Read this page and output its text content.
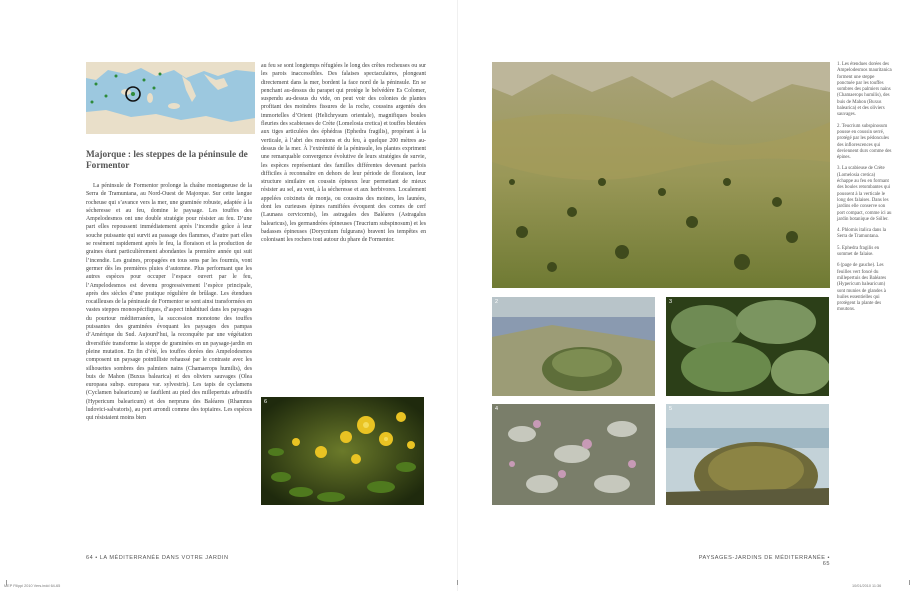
Majorque : les steppes de la péninsule de Formentor

La péninsule de Formentor prolonge la chaîne montagneuse de la Serra de Tramuntana, au Nord-Ouest de Majorque. Sur cette langue rocheuse qui s’avance vers la mer, une graminée robuste, adaptée à la sécheresse et au feu, domine le paysage. Les touffes des Ampelodesmos ont une double stratégie pour résister au feu. D’une part elles repoussent immédiatement après l’incendie grâce à leur souche puissante qui survit au passage des flammes, d’autre part elles se resèment rapidement après le feu, la floraison et la production de graines étant particulièrement abondantes la première année qui suit l’incendie. Les graines, propagées en tous sens par les fourmis, vont germer dès les premières pluies d’automne. Plus performant que les autres espèces pour occuper l’espace ouvert par le feu, l’Ampelodesmos est devenu progressivement l’espèce principale, après des siècles d’une pratique régulière de brûlage. Les étendues rocailleuses de la péninsule de Formentor se sont ainsi transformées en vastes steppes monospécifiques, d’aspect inhabituel dans les paysages du pourtour méditerranéen, la succession monotone des touffes puissantes des graminées évoquant les paysages des pampas d’Amérique du Sud. Aujourd’hui, la reconquête par une végétation diversifiée transforme la steppe de graminées en un paysage-jardin en pleine mutation. En fin d’été, les touffes dorées des Ampelodesmos composent un paysage pointilliste rehaussé par le contraste avec les silhouettes sombres des palmiers nains (Chamaerops humilis), des buis de Mahon (Buxus balearica) et des oliviers sauvages (Olea europaea subsp. europaea var. sylvestris). Les tapis de cyclamens (Cyclamen balearicum) se faufilent au pied des millepertuis arbustifs (Hypericum balearicum) et des nerpruns des Baléares (Rhamnus ludovici-salvatoris), au port arrondi comme des topiaires. Les espèces qui résistaient moins bien

au feu se sont longtemps réfugiées le long des crêtes rocheuses ou sur les parois inaccessibles. Des falaises spectaculaires, plongeant directement dans la mer, bordent la face nord de la péninsule. En se penchant au-dessus du parapet qui protège le belvédère Es Colomer, suspendu au-dessus du vide, on peut voir des colonies de plantes profitant des moindres fissures de la roche, coussins argentés des immortelles d’Orient (Helichrysum orientale), magnifiques boules fleuries des scabieuses de Crète (Lomelosia cretica) et touffes bleutées aux tiges articulées des éphédras (Ephedra fragilis), propérant à la verticale, à l’abri des moutons et du feu, à quelque 200 mètres au-dessus de la mer. À l’extrémité de la péninsule, les plantes expriment une remarquable convergence évolutive de leurs stratégies de survie, les espèces représentant des familles différentes devenant parfois difficiles à reconnaître en dehors de leur période de floraison, leur structure similaire en coussin épineux leur permettant de mieux résister au sel, au vent, à la sécheresse et aux herbivores. Localement appelées coixinets de monja, ou coussins des moines, les launées, dont les curieuses épines ramifiées évoquent des cornes de cerf (Launaea cervicornis), les astragales des Baléares (Astragalus balearicus), les germandrées épineuses (Teucrium subspinosum) et les badasses épineuses (Dorycnium fulgurans) bravent les tempêtes en colonisant les rochers tout autour du phare de Formentor.

6
2	3
4	5

1. Les étendues dorées des Ampelodesmos mauritanica forment une steppe ponctuée par les touffes sombres des palmiers nains (Chamaerops humilis), des buis de Mahon (Buxus balearica) et des oliviers sauvages.

2. Teucrium subspinosum pousse en coussin serré, protégé par les pédoncules des inflorescences qui deviennent durs comme des épines.

3. La scabieuse de Crète (Lomelosia cretica) échappe au feu en formant des boules retombantes qui poussent à la verticale le long des falaises. Dans les jardins elle conserve son port compact, comme ici au jardin botanique de Sóller.

4. Phlomis italica dans la Serra de Tramuntana.

5. Ephedra fragilis en sommet de falaise.

6 (page de gauche). Les feuilles vert foncé du millepertuis des Baléares (Hypericum balearicum) sont munies de glandes à huiles essentielles qui protègent la plante des moutons.

64 • LA MÉDITERRANÉE DANS VOTRE JARDIN	PAYSAGES-JARDINS DE MÉDITERRANÉE • 65
MEP Filippi 2010 Vers.indd 64-65	10/01/2010 11:36
